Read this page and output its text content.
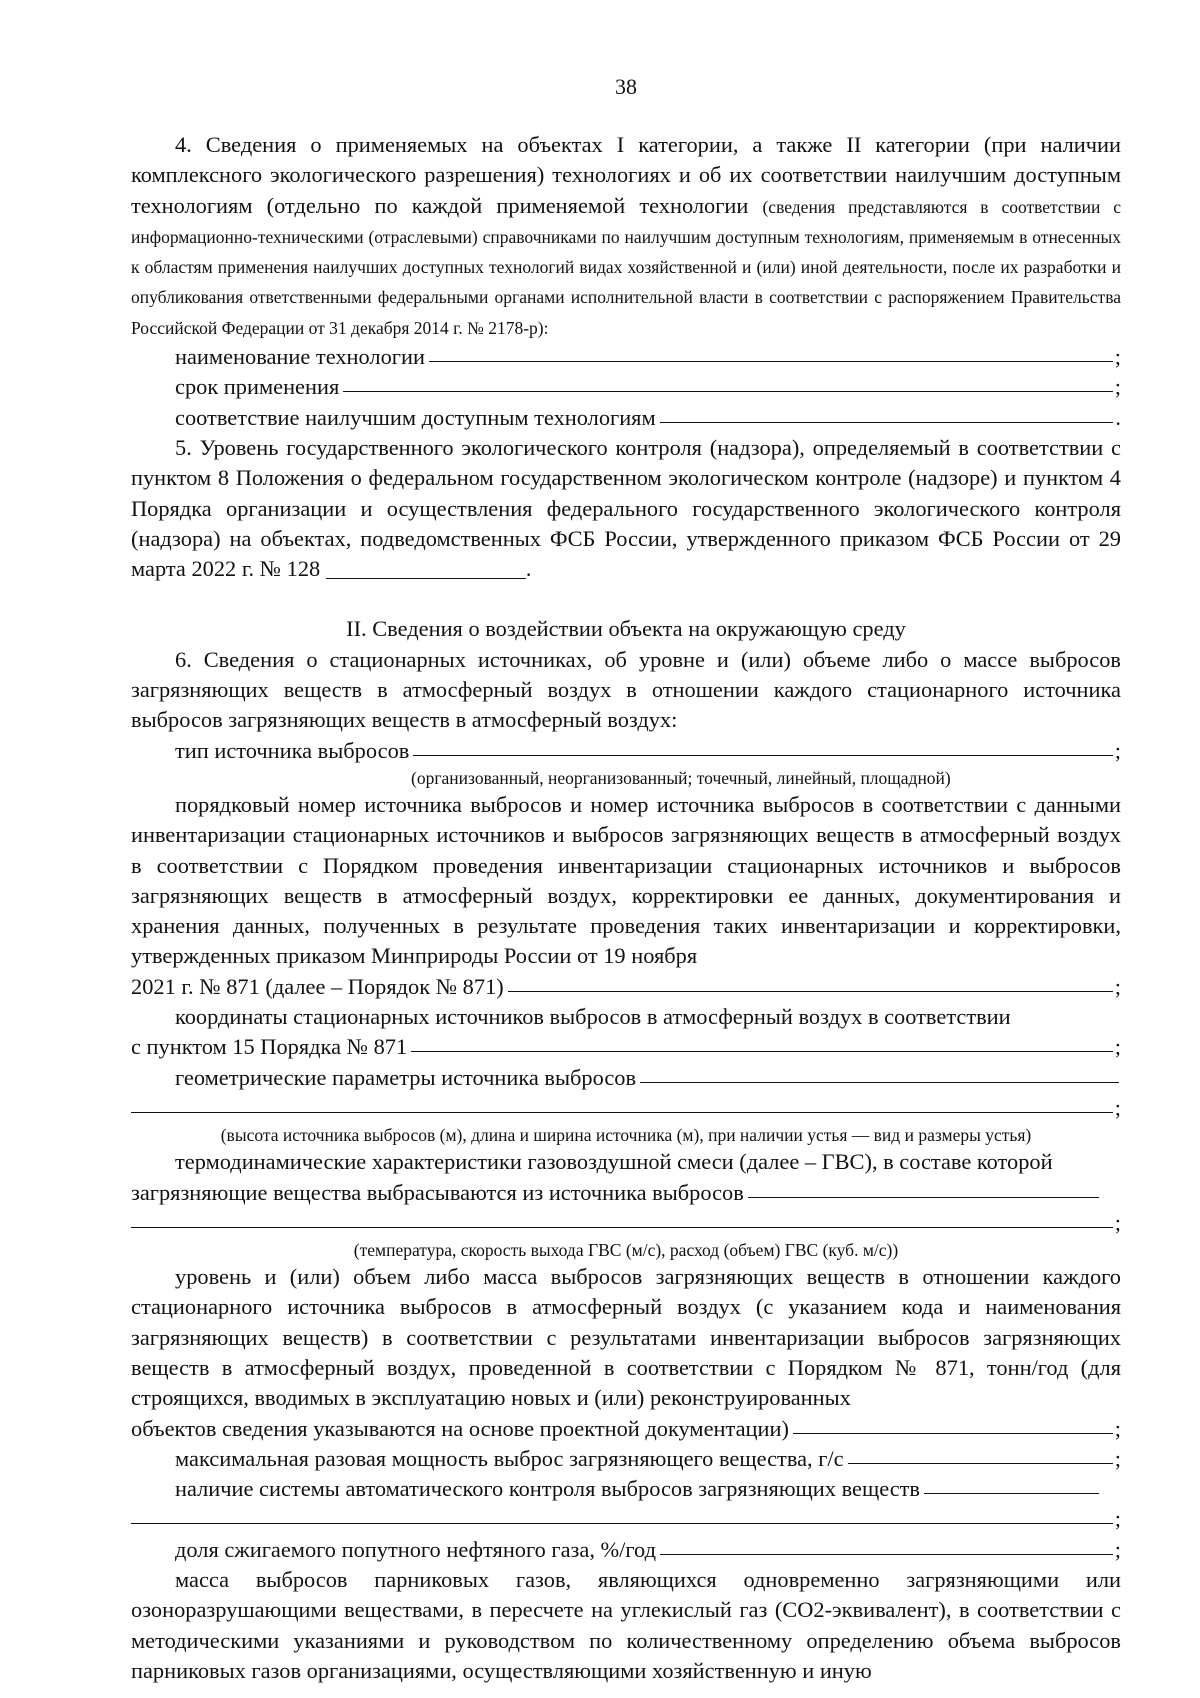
38

4. Сведения о применяемых на объектах I категории, а также II категории (при наличии комплексного экологического разрешения) технологиях и об их соответствии наилучшим доступным технологиям (отдельно по каждой применяемой технологии (сведения представляются в соответствии с информационно-техническими (отраслевыми) справочниками по наилучшим доступным технологиям, применяемым в отнесенных к областям применения наилучших доступных технологий видах хозяйственной и (или) иной деятельности, после их разработки и опубликования ответственными федеральными органами исполнительной власти в соответствии с распоряжением Правительства Российской Федерации от 31 декабря 2014 г. № 2178-р):

наименование технологии	;
срок применения	;
соответствие наилучшим доступным технологиям	.

5. Уровень государственного экологического контроля (надзора), определяемый в соответствии с пунктом 8 Положения о федеральном государственном экологическом контроле (надзоре) и пунктом 4 Порядка организации и осуществления федерального государственного экологического контроля (надзора) на объектах, подведомственных ФСБ России, утвержденного приказом ФСБ России от 29 марта 2022 г. № 128	.

II. Сведения о воздействии объекта на окружающую среду

6. Сведения о стационарных источниках, об уровне и (или) объеме либо о массе выбросов загрязняющих веществ в атмосферный воздух в отношении каждого стационарного источника выбросов загрязняющих веществ в атмосферный воздух:

тип источника выбросов	;
(организованный, неорганизованный; точечный, линейный, площадной)

порядковый номер источника выбросов и номер источника выбросов в соответствии с данными инвентаризации стационарных источников и выбросов загрязняющих веществ в атмосферный воздух в соответствии с Порядком проведения инвентаризации стационарных источников и выбросов загрязняющих веществ в атмосферный воздух, корректировки ее данных, документирования и хранения данных, полученных в результате проведения таких инвентаризации и корректировки, утвержденных приказом Минприроды России от 19 ноября

2021 г. № 871 (далее – Порядок № 871)	;

координаты стационарных источников выбросов в атмосферный воздух в соответствии

с пунктом 15 Порядка № 871	;
геометрические параметры источника выбросов
;
(высота источника выбросов (м), длина и ширина источника (м), при наличии устья — вид и размеры устья)

термодинамические характеристики газовоздушной смеси (далее – ГВС), в составе которой

загрязняющие вещества выбрасываются из источника выбросов
;
(температура, скорость выхода ГВС (м/с), расход (объем) ГВС (куб. м/с))

уровень и (или) объем либо масса выбросов загрязняющих веществ в отношении каждого стационарного источника выбросов в атмосферный воздух (с указанием кода и наименования загрязняющих веществ) в соответствии с результатами инвентаризации выбросов загрязняющих веществ в атмосферный воздух, проведенной в соответствии с Порядком № 871, тонн/год (для строящихся, вводимых в эксплуатацию новых и (или) реконструированных

объектов сведения указываются на основе проектной документации)	;
максимальная разовая мощность выброс загрязняющего вещества, г/с	;
наличие системы автоматического контроля выбросов загрязняющих веществ
;
доля сжигаемого попутного нефтяного газа, %/год	;

масса выбросов парниковых газов, являющихся одновременно загрязняющими или озоноразрушающими веществами, в пересчете на углекислый газ (СО2-эквивалент), в соответствии с методическими указаниями и руководством по количественному определению объема выбросов парниковых газов организациями, осуществляющими хозяйственную и иную
